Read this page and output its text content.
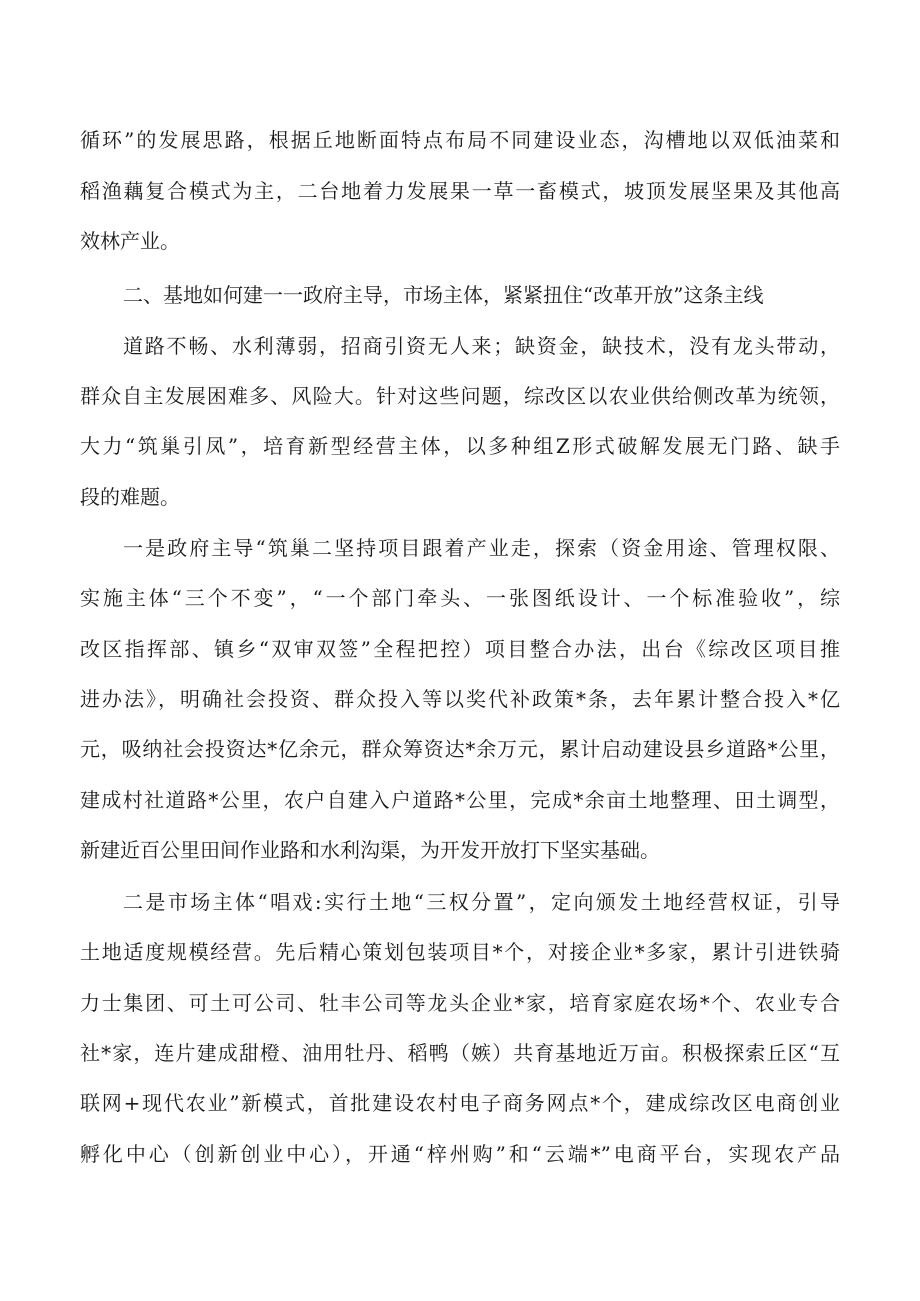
循环”的发展思路，根据丘地断面特点布局不同建设业态，沟槽地以双低油菜和
稻渔藕复合模式为主，二台地着力发展果一草一畜模式，坡顶发展坚果及其他高
效林产业。
二、基地如何建一一政府主导，市场主体，紧紧扭住“改革开放”这条主线
道路不畅、水利薄弱，招商引资无人来；缺资金，缺技术，没有龙头带动，
群众自主发展困难多、风险大。针对这些问题，综改区以农业供给侧改革为统领，
大力“筑巢引凤”，培育新型经营主体，以多种组Z形式破解发展无门路、缺手
段的难题。
一是政府主导“筑巢二坚持项目跟着产业走，探索（资金用途、管理权限、
实施主体“三个不变”，“一个部门牵头、一张图纸设计、一个标准验收”，综
改区指挥部、镇乡“双审双签”全程把控）项目整合办法，出台《综改区项目推
进办法》，明确社会投资、群众投入等以奖代补政策*条，去年累计整合投入*亿
元，吸纳社会投资达*亿余元，群众筹资达*余万元，累计启动建设县乡道路*公里，
建成村社道路*公里，农户自建入户道路*公里，完成*余亩土地整理、田土调型，
新建近百公里田间作业路和水利沟渠，为开发开放打下坚实基础。
二是市场主体“唱戏:实行土地“三权分置”，定向颁发土地经营权证，引导
土地适度规模经营。先后精心策划包装项目*个，对接企业*多家，累计引进铁骑
力士集团、可土可公司、牡丰公司等龙头企业*家，培育家庭农场*个、农业专合
社*家，连片建成甜橙、油用牡丹、稻鸭（嫉）共育基地近万亩。积极探索丘区“互
联网+现代农业”新模式，首批建设农村电子商务网点*个，建成综改区电商创业
孵化中心（创新创业中心），开通“梓州购”和“云端*”电商平台，实现农产品
